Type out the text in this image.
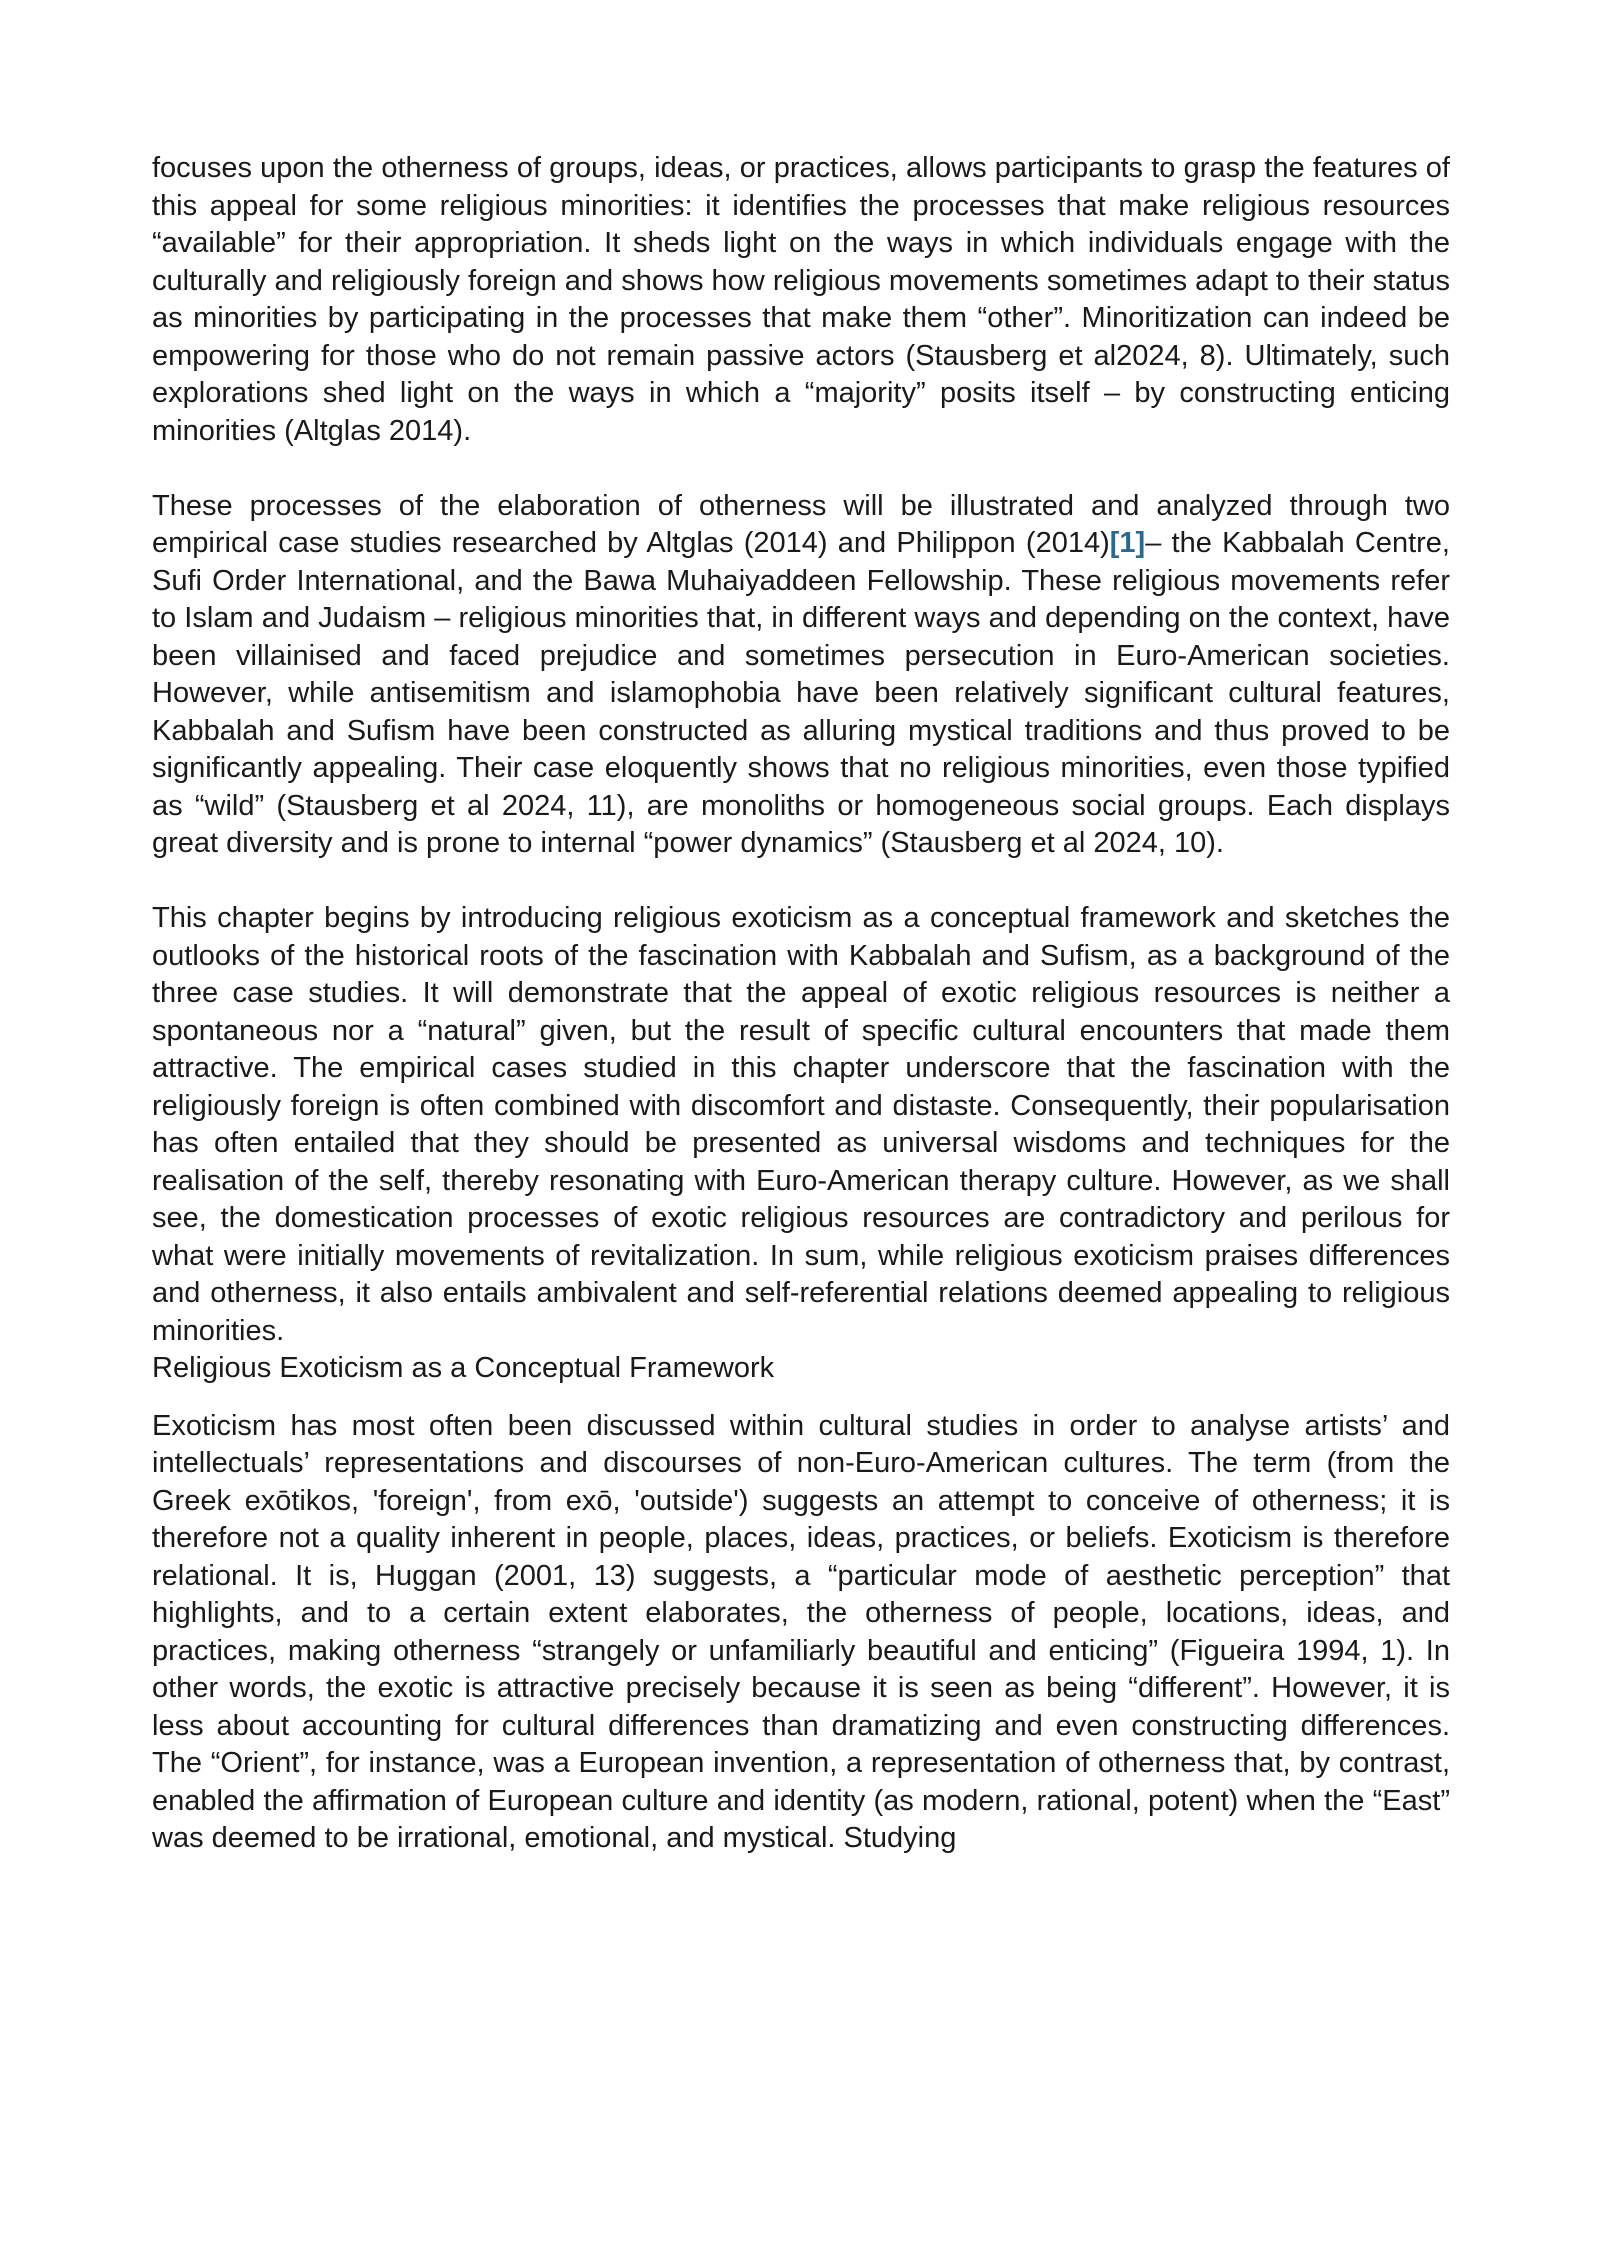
focuses upon the otherness of groups, ideas, or practices, allows participants to grasp the features of this appeal for some religious minorities: it identifies the processes that make religious resources “available” for their appropriation. It sheds light on the ways in which individuals engage with the culturally and religiously foreign and shows how religious movements sometimes adapt to their status as minorities by participating in the processes that make them “other”. Minoritization can indeed be empowering for those who do not remain passive actors (Stausberg et al2024, 8). Ultimately, such explorations shed light on the ways in which a “majority” posits itself – by constructing enticing minorities (Altglas 2014).

These processes of the elaboration of otherness will be illustrated and analyzed through two empirical case studies researched by Altglas (2014) and Philippon (2014)[1]– the Kabbalah Centre, Sufi Order International, and the Bawa Muhaiyaddeen Fellowship. These religious movements refer to Islam and Judaism – religious minorities that, in different ways and depending on the context, have been villainised and faced prejudice and sometimes persecution in Euro-American societies. However, while antisemitism and islamophobia have been relatively significant cultural features, Kabbalah and Sufism have been constructed as alluring mystical traditions and thus proved to be significantly appealing. Their case eloquently shows that no religious minorities, even those typified as “wild” (Stausberg et al 2024, 11), are monoliths or homogeneous social groups. Each displays great diversity and is prone to internal “power dynamics” (Stausberg et al 2024, 10).

This chapter begins by introducing religious exoticism as a conceptual framework and sketches the outlooks of the historical roots of the fascination with Kabbalah and Sufism, as a background of the three case studies. It will demonstrate that the appeal of exotic religious resources is neither a spontaneous nor a “natural” given, but the result of specific cultural encounters that made them attractive. The empirical cases studied in this chapter underscore that the fascination with the religiously foreign is often combined with discomfort and distaste. Consequently, their popularisation has often entailed that they should be presented as universal wisdoms and techniques for the realisation of the self, thereby resonating with Euro-American therapy culture. However, as we shall see, the domestication processes of exotic religious resources are contradictory and perilous for what were initially movements of revitalization. In sum, while religious exoticism praises differences and otherness, it also entails ambivalent and self-referential relations deemed appealing to religious minorities.

Religious Exoticism as a Conceptual Framework

Exoticism has most often been discussed within cultural studies in order to analyse artists’ and intellectuals’ representations and discourses of non-Euro-American cultures. The term (from the Greek exōtikos, 'foreign', from exō, 'outside') suggests an attempt to conceive of otherness; it is therefore not a quality inherent in people, places, ideas, practices, or beliefs. Exoticism is therefore relational. It is, Huggan (2001, 13) suggests, a “particular mode of aesthetic perception” that highlights, and to a certain extent elaborates, the otherness of people, locations, ideas, and practices, making otherness “strangely or unfamiliarly beautiful and enticing” (Figueira 1994, 1). In other words, the exotic is attractive precisely because it is seen as being “different”. However, it is less about accounting for cultural differences than dramatizing and even constructing differences. The “Orient”, for instance, was a European invention, a representation of otherness that, by contrast, enabled the affirmation of European culture and identity (as modern, rational, potent) when the “East” was deemed to be irrational, emotional, and mystical. Studying
